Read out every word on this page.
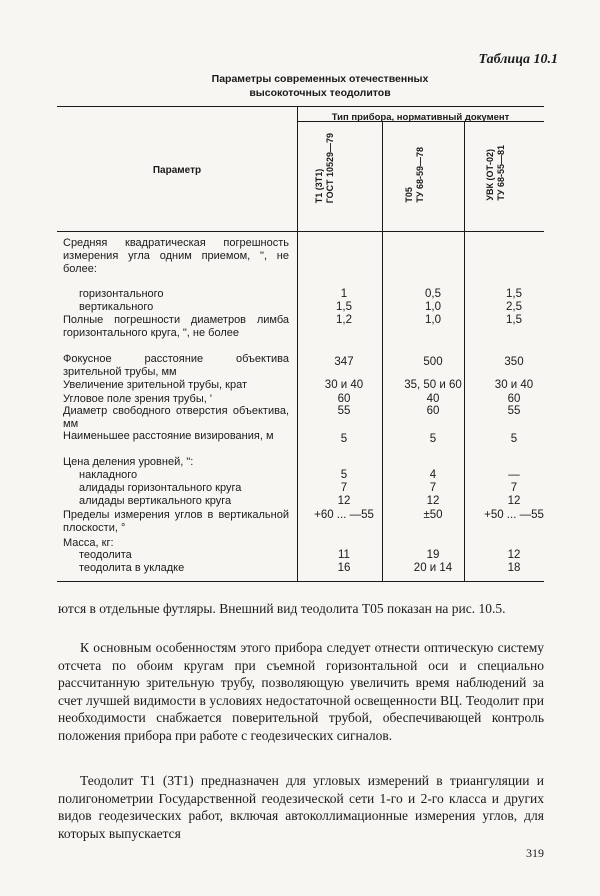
Таблица 10.1
Параметры современных отечественных
высокоточных теодолитов
Параметр
Тип прибора, нормативный документ
T1 (3T1) ГОСТ 10529—79	T05 ТУ 68-59—78	УВК (ОТ-02) ТУ 68-55—81
Средняя квадратическая погрешность измерения угла одним приемом, ", не более:
горизонтального	1	0,5	1,5
вертикального	1,5	1,0	2,5
Полные погрешности диаметров лимба горизонтального круга, ", не более
1,2	1,0	1,5
Фокусное расстояние объектива зрительной трубы, мм
347	500	350
Увеличение зрительной трубы, крат	30 и 40	35, 50 и 60	30 и 40
Угловое поле зрения трубы, '	60	40	60
Диаметр свободного отверстия объектива, мм
55	60	55
Наименьшее расстояние визирования, м	5	5	5
Цена деления уровней, ":
накладного	5	4	—
алидады горизонтального круга	7	7	7
алидады вертикального круга	12	12	12
Пределы измерения углов в вертикальной плоскости, °
+60 ... —55	±50	+50 ... —55
Масса, кг:
теодолита	11	19	12
теодолита в укладке	16	20 и 14	18
ются в отдельные футляры. Внешний вид теодолита Т05 показан на рис. 10.5.
К основным особенностям этого прибора следует отнести оптическую систему отсчета по обоим кругам при съемной горизонтальной оси и специально рассчитанную зрительную трубу, позволяющую увеличить время наблюдений за счет лучшей видимости в условиях недостаточной освещенности ВЦ. Теодолит при необходимости снабжается поверительной трубой, обеспечивающей контроль положения прибора при работе с геодезических сигналов.
Теодолит Т1 (3Т1) предназначен для угловых измерений в триангуляции и полигонометрии Государственной геодезической сети 1-го и 2-го класса и других видов геодезических работ, включая автоколлимационные измерения углов, для которых выпускается
319
